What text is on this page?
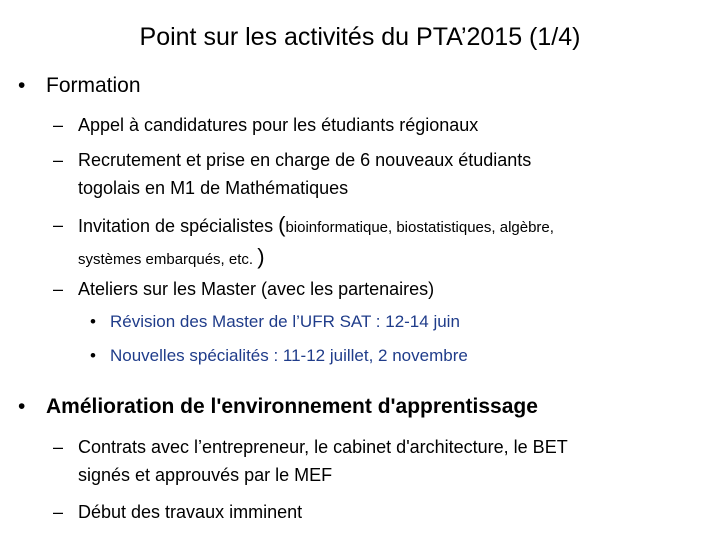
Point sur les activités du PTA’2015 (1/4)
• Formation
– Appel à candidatures pour les étudiants régionaux
– Recrutement et prise en charge de 6 nouveaux étudiants
togolais en M1 de Mathématiques
– Invitation de spécialistes (bioinformatique, biostatistiques, algèbre,
systèmes embarqués, etc. )
– Ateliers sur les Master (avec les partenaires)
• Révision des Master de l’UFR SAT : 12-14 juin
• Nouvelles spécialités : 11-12 juillet, 2 novembre
• Amélioration de l'environnement d'apprentissage
– Contrats avec l’entrepreneur, le cabinet d'architecture, le BET
signés et approuvés par le MEF
– Début des travaux imminent
